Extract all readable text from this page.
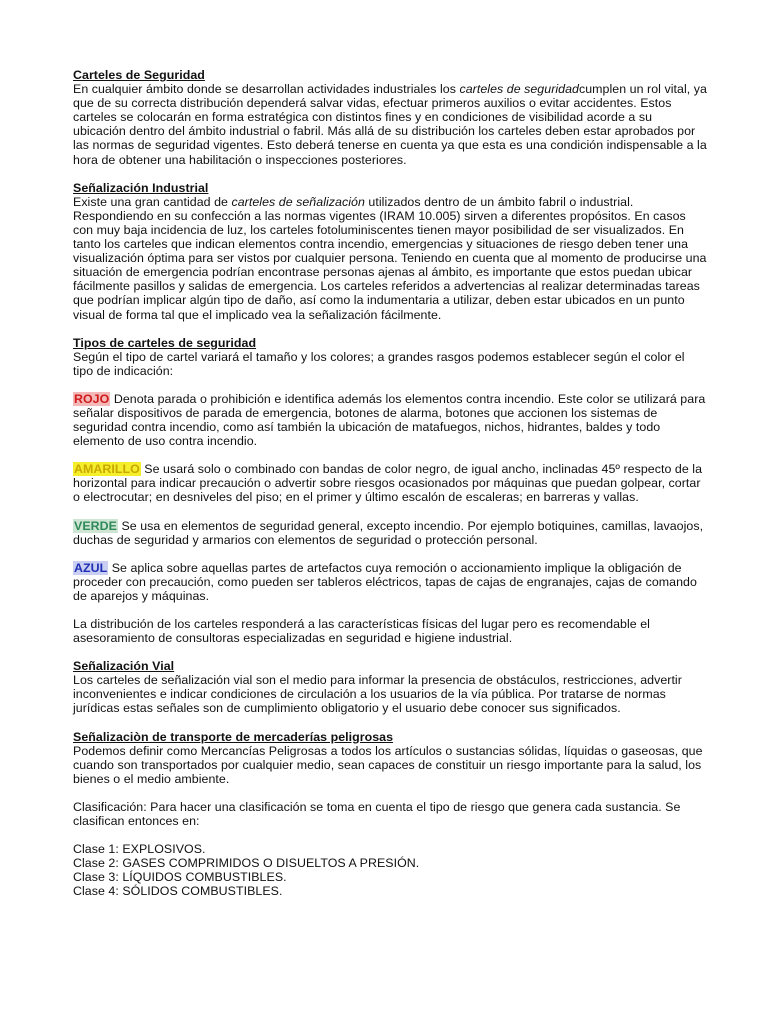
Carteles de Seguridad

En cualquier ámbito donde se desarrollan actividades industriales los carteles de seguridadcumplen un rol vital, ya que de su correcta distribución dependerá salvar vidas, efectuar primeros auxilios o evitar accidentes. Estos carteles se colocarán en forma estratégica con distintos fines y en condiciones de visibilidad acorde a su ubicación dentro del ámbito industrial o fabril. Más allá de su distribución los carteles deben estar aprobados por las normas de seguridad vigentes. Esto deberá tenerse en cuenta ya que esta es una condición indispensable a la hora de obtener una habilitación o inspecciones posteriores.

Señalización Industrial

Existe una gran cantidad de carteles de señalización utilizados dentro de un ámbito fabril o industrial. Respondiendo en su confección a las normas vigentes (IRAM 10.005) sirven a diferentes propósitos. En casos con muy baja incidencia de luz, los carteles fotoluminiscentes tienen mayor posibilidad de ser visualizados. En tanto los carteles que indican elementos contra incendio, emergencias y situaciones de riesgo deben tener una visualización óptima para ser vistos por cualquier persona. Teniendo en cuenta que al momento de producirse una situación de emergencia podrían encontrase personas ajenas al ámbito, es importante que estos puedan ubicar fácilmente pasillos y salidas de emergencia. Los carteles referidos a advertencias al realizar determinadas tareas que podrían implicar algún tipo de daño, así como la indumentaria a utilizar, deben estar ubicados en un punto visual de forma tal que el implicado vea la señalización fácilmente.

Tipos de carteles de seguridad

Según el tipo de cartel variará el tamaño y los colores; a grandes rasgos podemos establecer según el color el tipo de indicación:

ROJO Denota parada o prohibición e identifica además los elementos contra incendio. Este color se utilizará para señalar dispositivos de parada de emergencia, botones de alarma, botones que accionen los sistemas de seguridad contra incendio, como así también la ubicación de matafuegos, nichos, hidrantes, baldes y todo elemento de uso contra incendio.

AMARILLO Se usará solo o combinado con bandas de color negro, de igual ancho, inclinadas 45º respecto de la horizontal para indicar precaución o advertir sobre riesgos ocasionados por máquinas que puedan golpear, cortar o electrocutar; en desniveles del piso; en el primer y último escalón de escaleras; en barreras y vallas.

VERDE Se usa en elementos de seguridad general, excepto incendio. Por ejemplo botiquines, camillas, lavaojos, duchas de seguridad y armarios con elementos de seguridad o protección personal.

AZUL Se aplica sobre aquellas partes de artefactos cuya remoción o accionamiento implique la obligación de proceder con precaución, como pueden ser tableros eléctricos, tapas de cajas de engranajes, cajas de comando de aparejos y máquinas.

La distribución de los carteles responderá a las características físicas del lugar pero es recomendable el asesoramiento de consultoras especializadas en seguridad e higiene industrial.

Señalización Vial

Los carteles de señalización vial son el medio para informar la presencia de obstáculos, restricciones, advertir inconvenientes e indicar condiciones de circulación a los usuarios de la vía pública. Por tratarse de normas jurídicas estas señales son de cumplimiento obligatorio y el usuario debe conocer sus significados.

Señalizaciòn de transporte de mercaderías peligrosas

Podemos definir como Mercancías Peligrosas a todos los artículos o sustancias sólidas, líquidas o gaseosas, que cuando son transportados por cualquier medio, sean capaces de constituir un riesgo importante para la salud, los bienes o el medio ambiente.

Clasificación: Para hacer una clasificación se toma en cuenta el tipo de riesgo que genera cada sustancia. Se clasifican entonces en:

Clase 1: EXPLOSIVOS.

Clase 2: GASES COMPRIMIDOS O DISUELTOS A PRESIÓN.

Clase 3: LÍQUIDOS COMBUSTIBLES.

Clase 4: SÓLIDOS COMBUSTIBLES.
